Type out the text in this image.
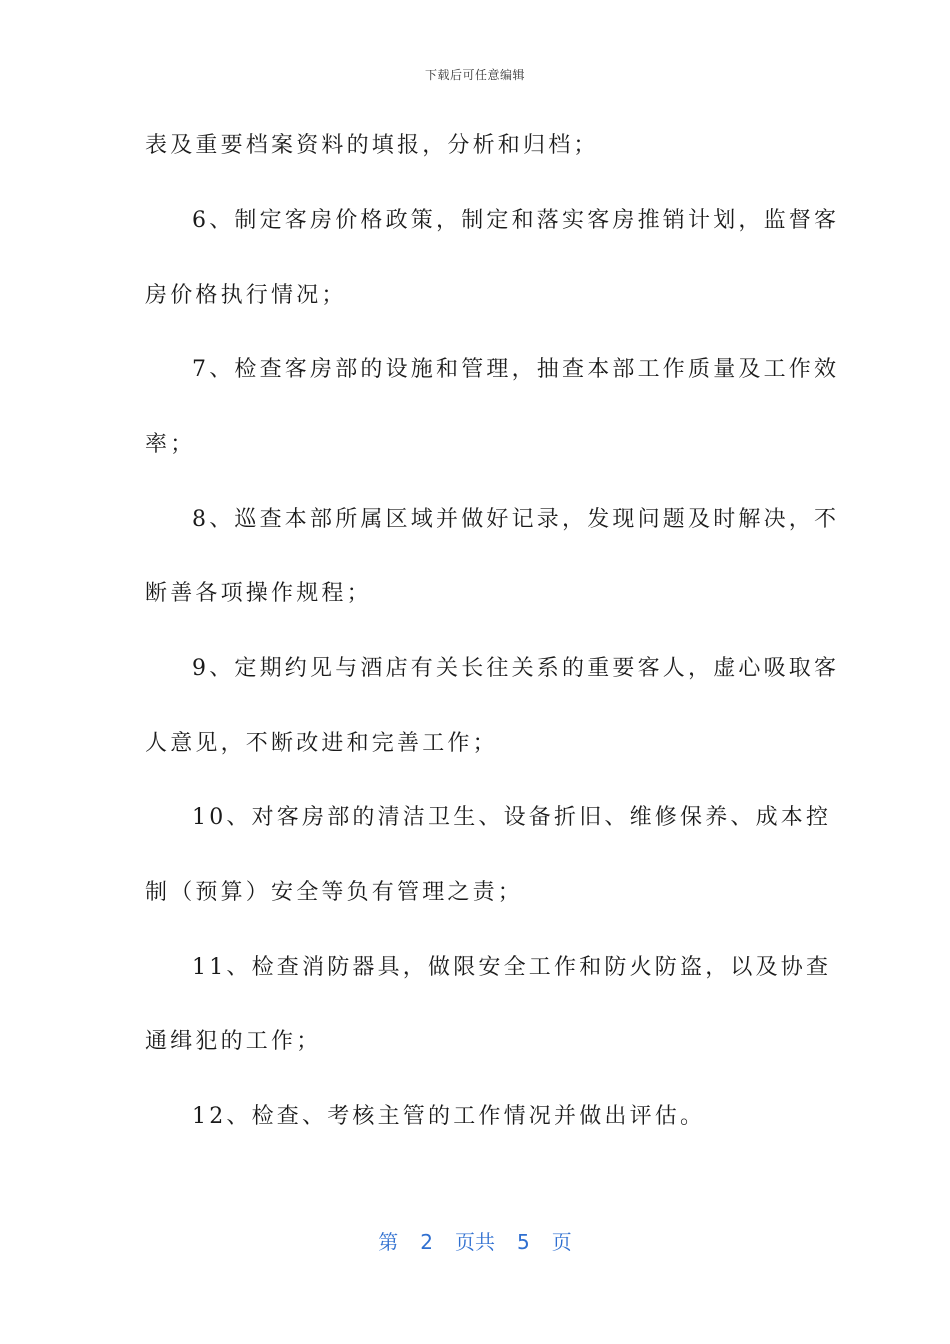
下载后可任意编辑
表及重要档案资料的填报，分析和归档；
6、制定客房价格政策，制定和落实客房推销计划，监督客
房价格执行情况；
7、检查客房部的设施和管理，抽查本部工作质量及工作效
率；
8、巡查本部所属区域并做好记录，发现问题及时解决，不
断善各项操作规程；
9、定期约见与酒店有关长往关系的重要客人，虚心吸取客
人意见，不断改进和完善工作；
10、对客房部的清洁卫生、设备折旧、维修保养、成本控
制（预算）安全等负有管理之责；
11、检查消防器具，做限安全工作和防火防盗，以及协查
通缉犯的工作；
12、检查、考核主管的工作情况并做出评估。
第 2 页共 5 页
